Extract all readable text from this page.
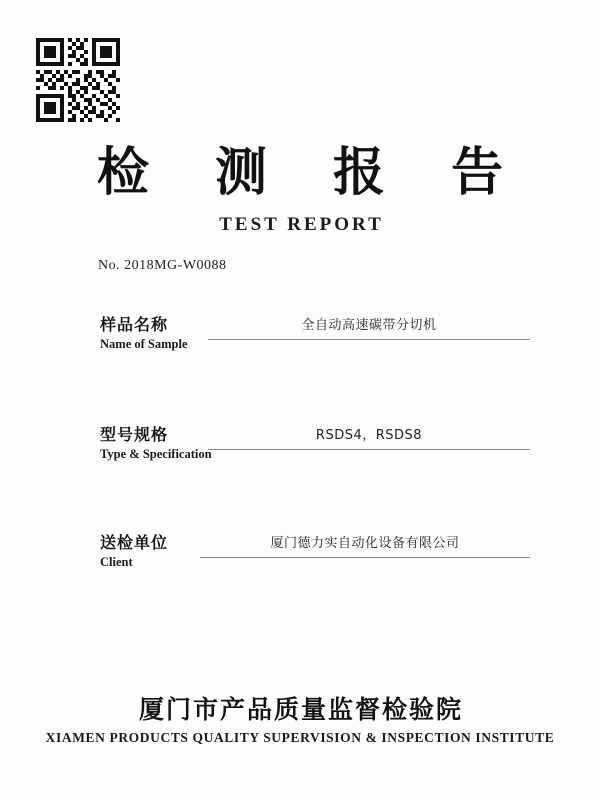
检 测 报 告
TEST REPORT
No. 2018MG-W0088
样品名称
Name of Sample
全自动高速碳带分切机
型号规格
Type & Specification
RSDS4，RSDS8
送检单位
Client
厦门德力实自动化设备有限公司
厦门市产品质量监督检验院
XIAMEN PRODUCTS QUALITY SUPERVISION & INSPECTION INSTITUTE
